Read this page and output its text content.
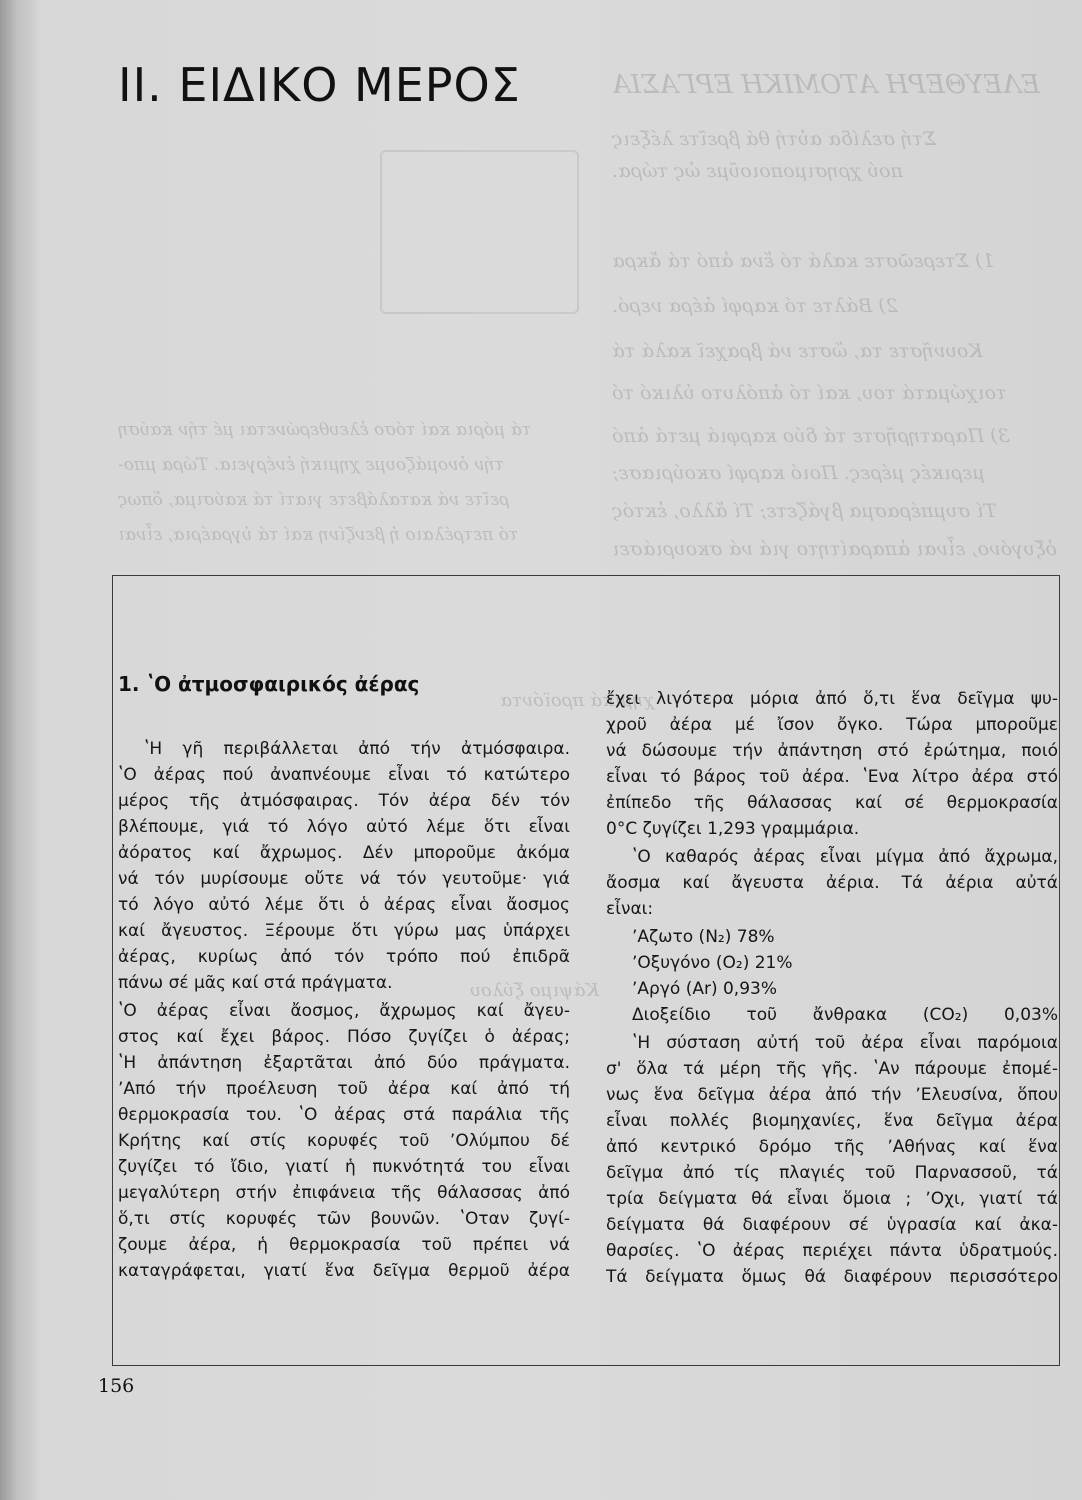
ΕΛΕΥΘΕΡΗ ΑΤΟΜΙΚΗ ΕΡΓΑΣΙΑ
Στή σελίδα αὐτή θά βρεῖτε λέξεις
πού χρησιμοποιοῦμε ὡς τώρα.
1) Στερεῶστε καλά τό ἕνα ἀπό τά ἄκρα
2) Βάλτε τό καρφί ἀέρα νερό.
Κουνῆστε τα, ὥστε νά βραχεῖ καλά τά
τοιχώματά του, καί τό ἀπόλυτο ὑλικό τό
3) Παρατηρῆστε τά δύο καρφιά μετά ἀπό
μερικές μέρες. Ποιό καρφί σκούριασε;
Τί συμπέρασμα βγάζετε; Τί ἄλλο, ἐκτός
ὀξυγόνο, εἶναι ἀπαραίτητο γιά νά σκουριάσει
τά μόρια καί τόσο ἐλευθερώνεται μέ τήν καύση
τήν ὀνομάζουμε χημική ἐνέργεια. Τώρα μπο-
ρεῖτε νά καταλάβετε γιατί τά καύσιμα, ὅπως
τό πετρέλαιο ἡ βενζίνη καί τά ὑγραέρια, εἶναι
χημικά προϊόντα
Κάψιμο ξύλου
II. ΕΙΔΙΚΟ ΜΕΡΟΣ
1. ʽΟ ἀτμοσφαιρικός ἀέρας
ʽΗ γῆ περιβάλλεται ἀπό τήν ἀτμόσφαιρα.
ʽΟ ἀέρας πού ἀναπνέουμε εἶναι τό κατώτερο
μέρος τῆς ἀτμόσφαιρας. Τόν ἀέρα δέν τόν
βλέπουμε, γιά τό λόγο αὐτό λέμε ὅτι εἶναι
ἀόρατος καί ἄχρωμος. Δέν μποροῦμε ἀκόμα
νά τόν μυρίσουμε οὔτε νά τόν γευτοῦμε· γιά
τό λόγο αὐτό λέμε ὅτι ὁ ἀέρας εἶναι ἄοσμος
καί ἄγευστος. Ξέρουμε ὅτι γύρω μας ὑπάρχει
ἀέρας, κυρίως ἀπό τόν τρόπο πού ἐπιδρᾶ
πάνω σέ μᾶς καί στά πράγματα.
ʽΟ ἀέρας εἶναι ἄοσμος, ἄχρωμος καί ἄγευ-
στος καί ἔχει βάρος. Πόσο ζυγίζει ὁ ἀέρας;
ʽΗ ἀπάντηση ἐξαρτᾶται ἀπό δύο πράγματα.
ʼΑπό τήν προέλευση τοῦ ἀέρα καί ἀπό τή
θερμοκρασία του. ʽΟ ἀέρας στά παράλια τῆς
Κρήτης καί στίς κορυφές τοῦ ʼΟλύμπου δέ
ζυγίζει τό ἴδιο, γιατί ἡ πυκνότητά του εἶναι
μεγαλύτερη στήν ἐπιφάνεια τῆς θάλασσας ἀπό
ὅ,τι στίς κορυφές τῶν βουνῶν. ʽΟταν ζυγί-
ζουμε ἀέρα, ἡ θερμοκρασία τοῦ πρέπει νά
καταγράφεται, γιατί ἕνα δεῖγμα θερμοῦ ἀέρα
ἔχει λιγότερα μόρια ἀπό ὅ,τι ἕνα δεῖγμα ψυ-
χροῦ ἀέρα μέ ἴσον ὄγκο. Τώρα μποροῦμε
νά δώσουμε τήν ἀπάντηση στό ἐρώτημα, ποιό
εἶναι τό βάρος τοῦ ἀέρα. ʽΕνα λίτρο ἀέρα στό
ἐπίπεδο τῆς θάλασσας καί σέ θερμοκρασία
0°C ζυγίζει 1,293 γραμμάρια.
ʽΟ καθαρός ἀέρας εἶναι μίγμα ἀπό ἄχρωμα,
ἄοσμα καί ἄγευστα ἀέρια. Τά ἀέρια αὐτά
εἶναι:
ʼΑζωτο (N₂) 78%
ʼΟξυγόνο (O₂) 21%
ʼΑργό (Ar) 0,93%
Διοξείδιο τοῦ ἄνθρακα (CO₂) 0,03%
ʽΗ σύσταση αὐτή τοῦ ἀέρα εἶναι παρόμοια
σ' ὅλα τά μέρη τῆς γῆς. ʽΑν πάρουμε ἐπομέ-
νως ἕνα δεῖγμα ἀέρα ἀπό τήν ʼΕλευσίνα, ὅπου
εἶναι πολλές βιομηχανίες, ἕνα δεῖγμα ἀέρα
ἀπό κεντρικό δρόμο τῆς ʼΑθήνας καί ἕνα
δεῖγμα ἀπό τίς πλαγιές τοῦ Παρνασσοῦ, τά
τρία δείγματα θά εἶναι ὅμοια ; ʼΟχι, γιατί τά
δείγματα θά διαφέρουν σέ ὑγρασία καί ἀκα-
θαρσίες. ʽΟ ἀέρας περιέχει πάντα ὑδρατμούς.
Τά δείγματα ὅμως θά διαφέρουν περισσότερο

156
